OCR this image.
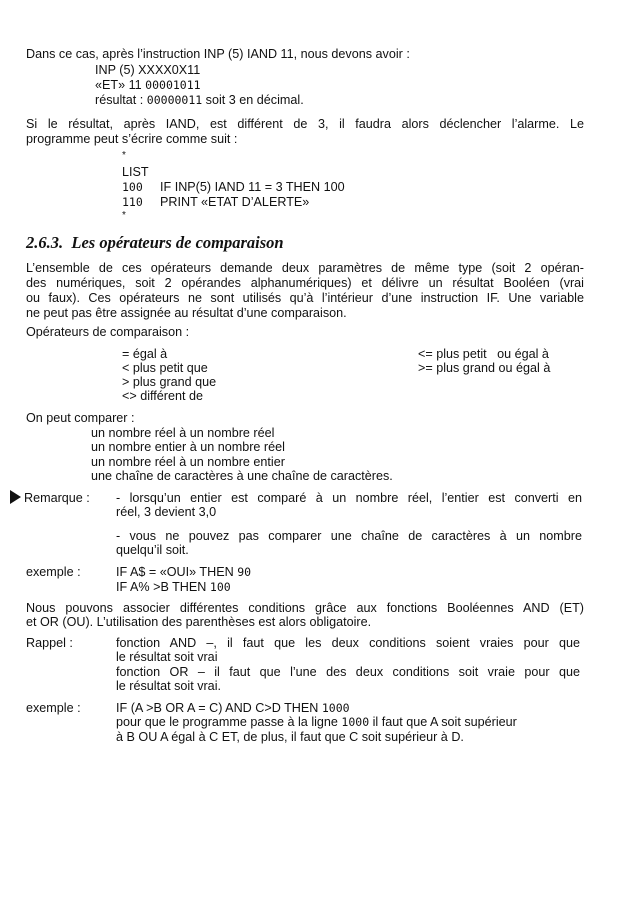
Dans ce cas, après l’instruction INP (5) IAND 11, nous devons avoir :
INP (5) XXXX0X11
«ET» 11 00001011
résultat : 00000011 soit 3 en décimal.
Si le résultat, après IAND, est différent de 3, il faudra alors déclencher l’alarme. Le
programme peut s’écrire comme suit :
*
LIST
100 IF INP(5) IAND 11 = 3 THEN 100
110 PRINT «ETAT D’ALERTE»
*
2.6.3. Les opérateurs de comparaison
L’ensemble de ces opérateurs demande deux paramètres de même type (soit 2 opéran-
des numériques, soit 2 opérandes alphanumériques) et délivre un résultat Booléen (vrai
ou faux). Ces opérateurs ne sont utilisés qu’à l’intérieur d’une instruction IF. Une variable
ne peut pas être assignée au résultat d’une comparaison.
Opérateurs de comparaison :
= égal à
< plus petit que
> plus grand que
<> différent de
<= plus petit   ou égal à
>= plus grand ou égal à
On peut comparer :
un nombre réel à un nombre réel
un nombre entier à un nombre réel
un nombre réel à un nombre entier
une chaîne de caractères à une chaîne de caractères.
Remarque : - lorsqu’un entier est comparé à un nombre réel, l’entier est converti en
réel, 3 devient 3,0
- vous ne pouvez pas comparer une chaîne de caractères à un nombre
quelqu’il soit.
exemple :	IF A$ = «OUI» THEN 90
IF A% >B THEN 100
Nous pouvons associer différentes conditions grâce aux fonctions Booléennes AND (ET)
et OR (OU). L’utilisation des parenthèses est alors obligatoire.
Rappel :	fonction AND –, il faut que les deux conditions soient vraies pour que
le résultat soit vrai
fonction OR – il faut que l’une des deux conditions soit vraie pour que
le résultat soit vrai.
exemple :	IF (A >B OR A = C) AND C>D THEN 1000
pour que le programme passe à la ligne 1000 il faut que A soit supérieur
à B OU A égal à C ET, de plus, il faut que C soit supérieur à D.
